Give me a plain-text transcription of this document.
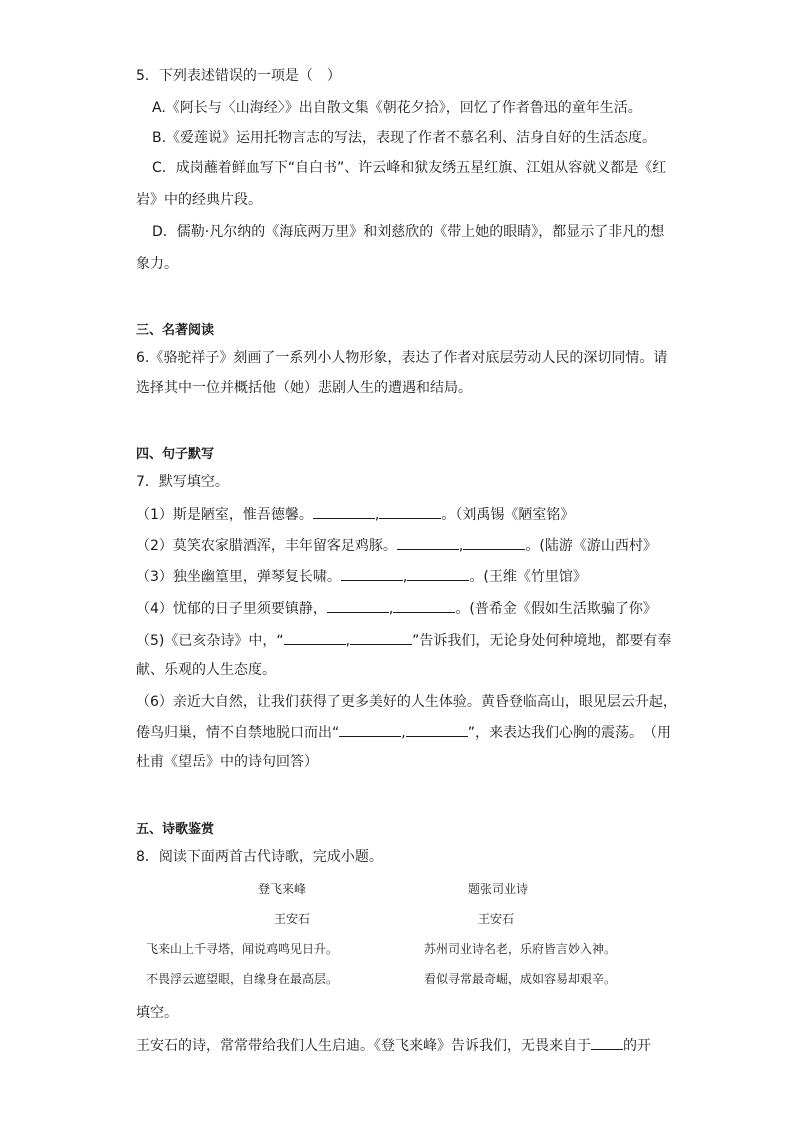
5．下列表述错误的一项是（　）
A.《阿长与〈山海经〉》出自散文集《朝花夕拾》，回忆了作者鲁迅的童年生活。
B.《爱莲说》运用托物言志的写法，表现了作者不慕名利、洁身自好的生活态度。
C．成岗蘸着鲜血写下“自白书”、许云峰和狱友绣五星红旗、江姐从容就义都是《红
岩》中的经典片段。
D．儒勒·凡尔纳的《海底两万里》和刘慈欣的《带上她的眼睛》，都显示了非凡的想
象力。
三、名著阅读
6.《骆驼祥子》刻画了一系列小人物形象，表达了作者对底层劳动人民的深切同情。请
选择其中一位并概括他（她）悲剧人生的遭遇和结局。
四、句子默写
7．默写填空。
（1）斯是陋室，惟吾德馨。	,	。（刘禹锡《陋室铭》
（2）莫笑农家腊酒浑，丰年留客足鸡豚。	,	。(陆游《游山西村》
（3）独坐幽篁里，弹琴复长啸。	,	。(王维《竹里馆》
（4）忧郁的日子里须要镇静，	,	。(普希金《假如生活欺骗了你》
（5)《已亥杂诗》中，“	,	”告诉我们，无论身处何种境地，都要有奉
献、乐观的人生态度。
（6）亲近大自然，让我们获得了更多美好的人生体验。黄昏登临高山，眼见层云升起，
倦鸟归巢，情不自禁地脱口而出“	,	”，来表达我们心胸的震荡。　（用
杜甫《望岳》中的诗句回答）
五、诗歌鉴赏
8．阅读下面两首古代诗歌，完成小题。
登飞来峰
王安石
飞来山上千寻塔，闻说鸡鸣见日升。
不畏浮云遮望眼，自缘身在最高层。
题张司业诗
王安石
苏州司业诗名老，乐府皆言妙入神。
看似寻常最奇崛，成如容易却艰辛。
填空。
王安石的诗，常常带给我们人生启迪。《登飞来峰》告诉我们，无畏来自于 的开
